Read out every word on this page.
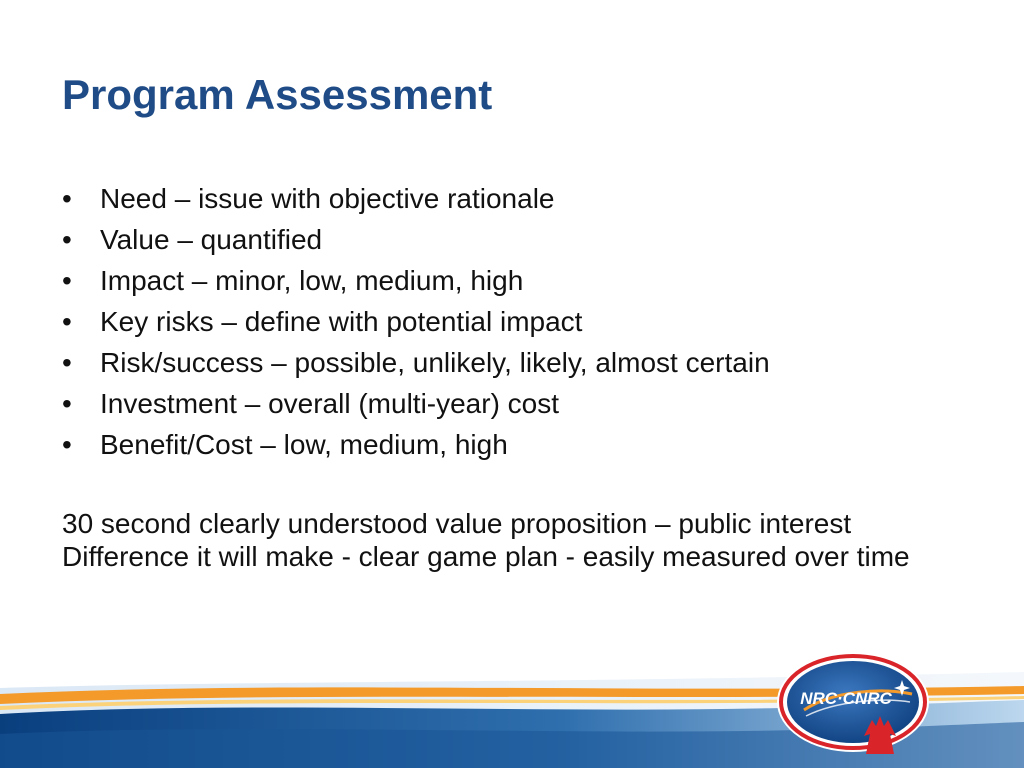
Program Assessment
•	Need – issue with objective rationale
•	Value – quantified
•	Impact – minor, low, medium, high
•	Key risks – define with potential impact
•	Risk/success – possible, unlikely, likely, almost certain
•	Investment – overall (multi-year) cost
•	Benefit/Cost – low, medium, high

30 second clearly understood value proposition – public interest

Difference it will make - clear game plan - easily measured over time

NRC·CNRC
